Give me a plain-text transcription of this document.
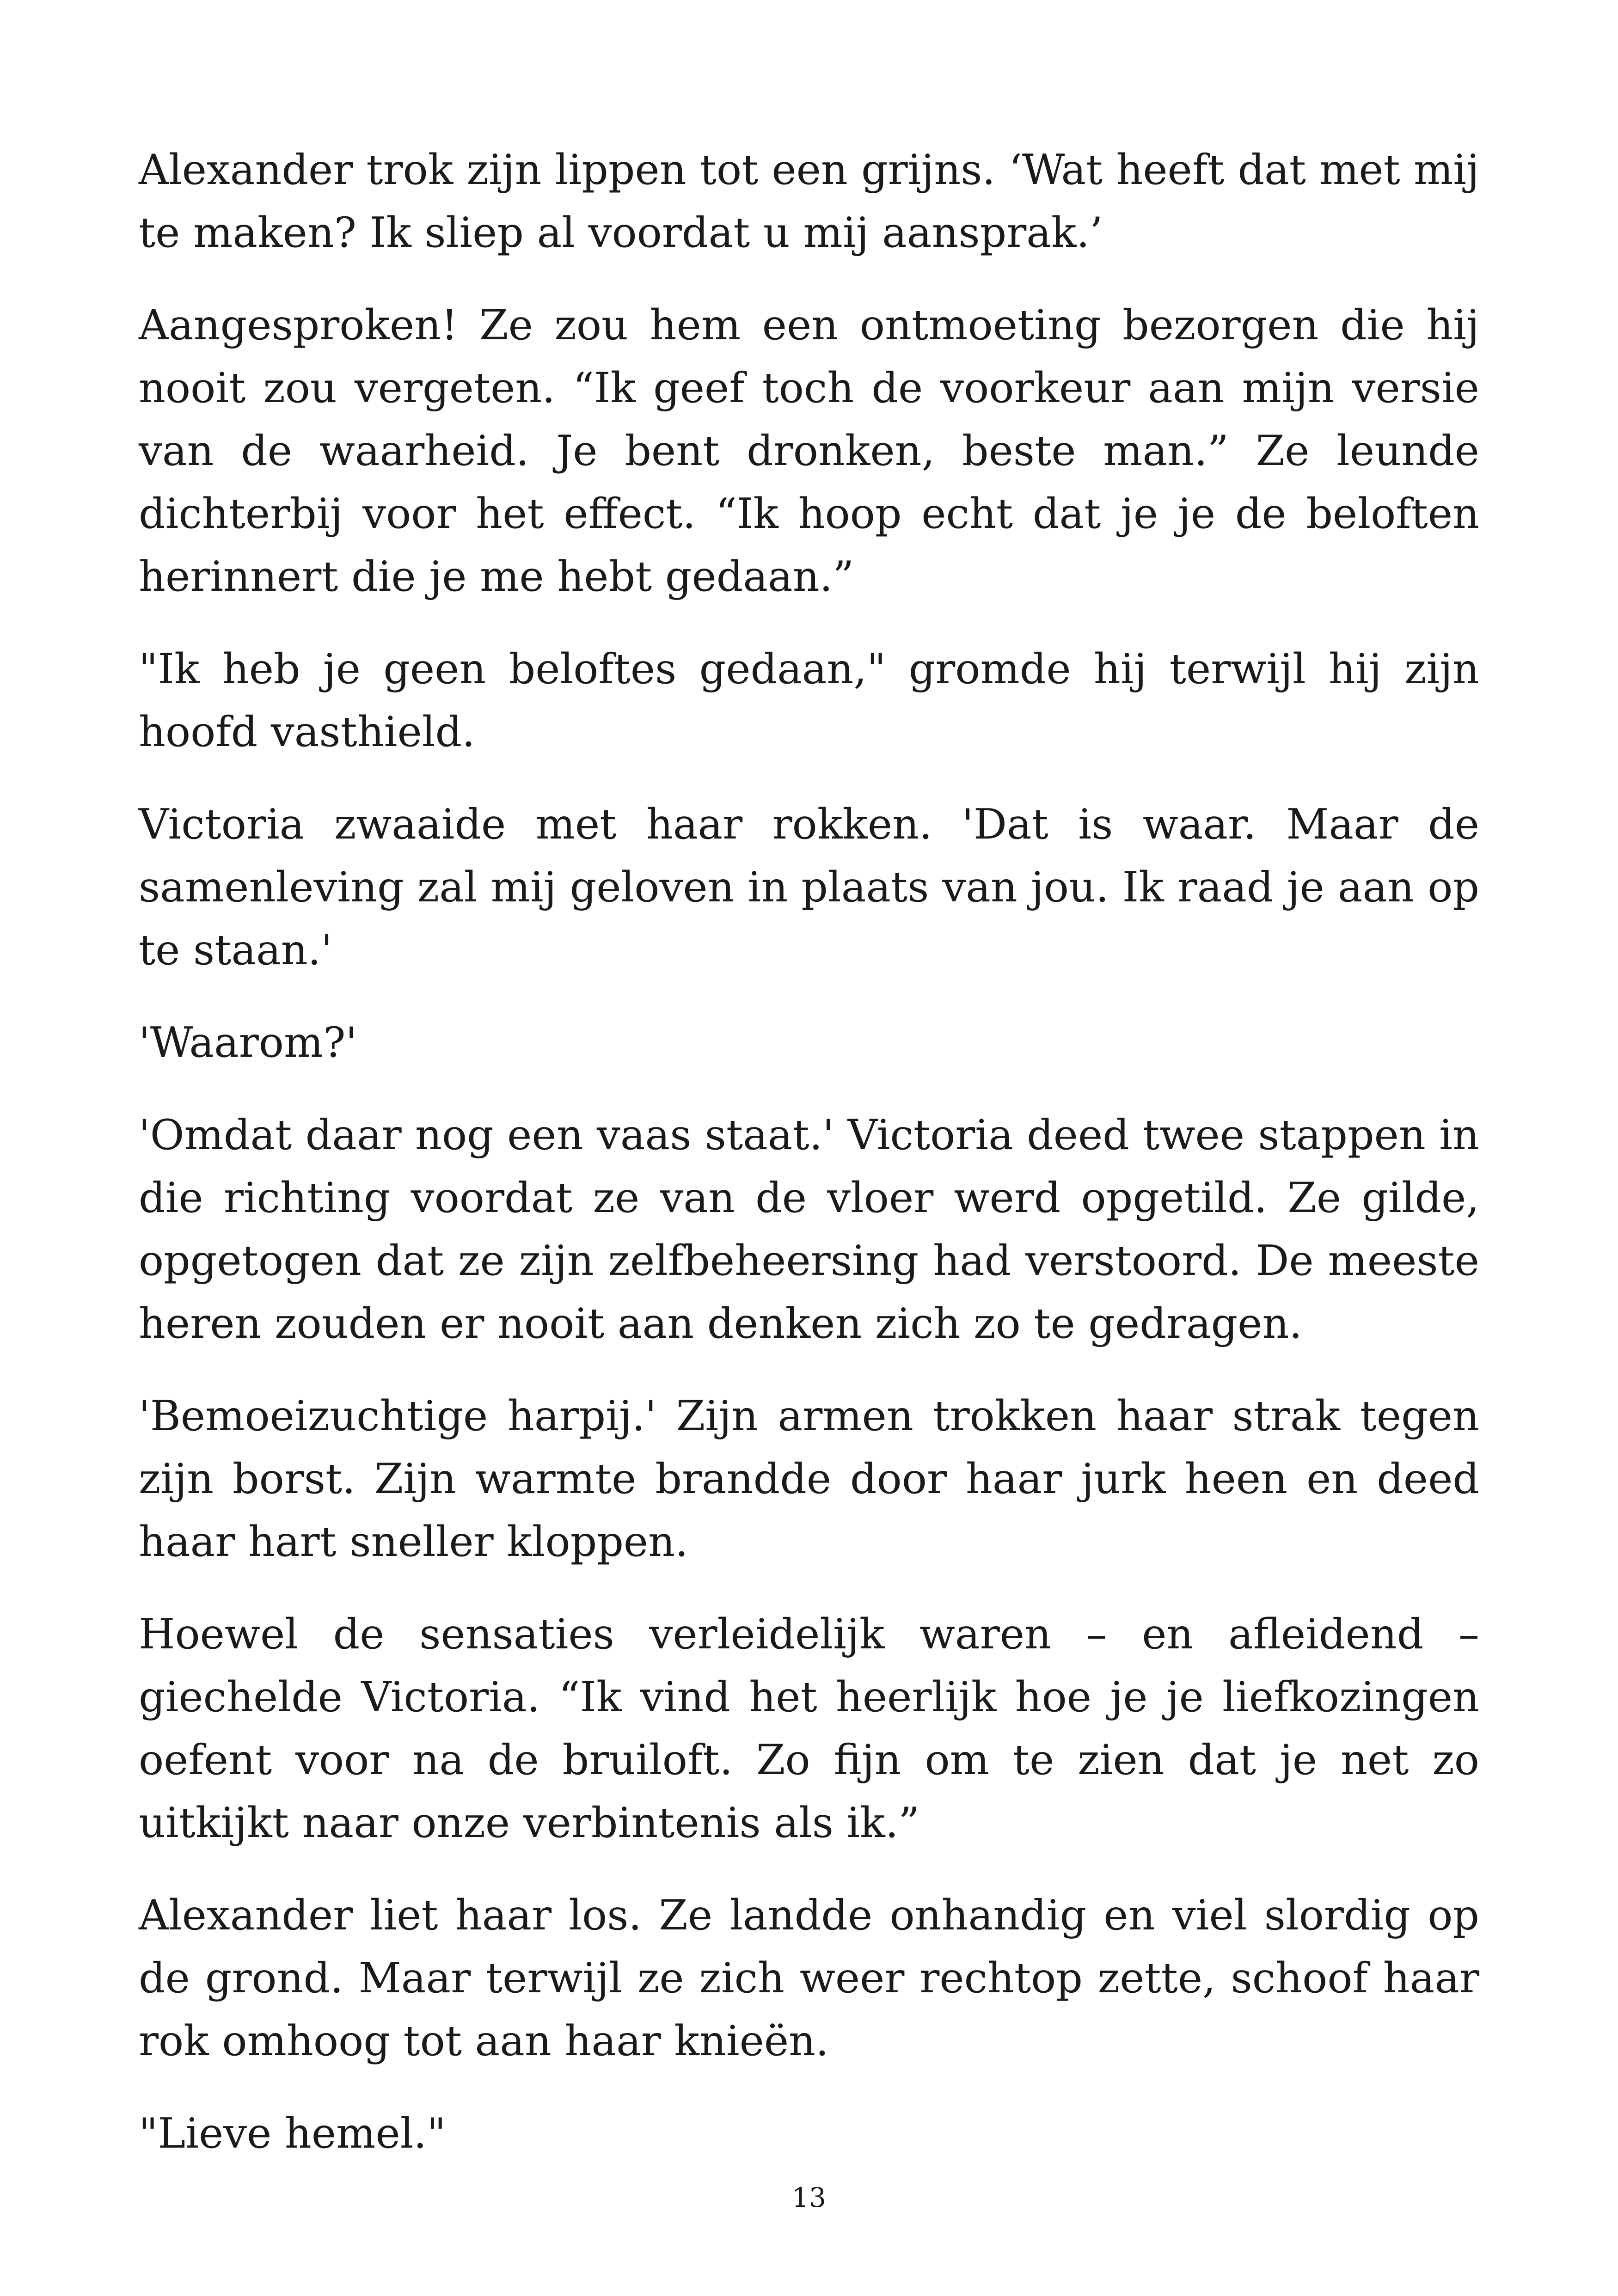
Alexander trok zijn lippen tot een grijns. ‘Wat heeft dat met mij te maken? Ik sliep al voordat u mij aansprak.’

Aangesproken! Ze zou hem een ontmoeting bezorgen die hij nooit zou vergeten. “Ik geef toch de voorkeur aan mijn versie van de waarheid. Je bent dronken, beste man.” Ze leunde dichterbij voor het effect. “Ik hoop echt dat je je de beloften herinnert die je me hebt gedaan.”

"Ik heb je geen beloftes gedaan," gromde hij terwijl hij zijn hoofd vasthield.

Victoria zwaaide met haar rokken. 'Dat is waar. Maar de samenleving zal mij geloven in plaats van jou. Ik raad je aan op te staan.'

'Waarom?'

'Omdat daar nog een vaas staat.' Victoria deed twee stappen in die richting voordat ze van de vloer werd opgetild. Ze gilde, opgetogen dat ze zijn zelfbeheersing had verstoord. De meeste heren zouden er nooit aan denken zich zo te gedragen.

'Bemoeizuchtige harpij.' Zijn armen trokken haar strak tegen zijn borst. Zijn warmte brandde door haar jurk heen en deed haar hart sneller kloppen.

Hoewel de sensaties verleidelijk waren – en afleidend – giechelde Victoria. “Ik vind het heerlijk hoe je je liefkozingen oefent voor na de bruiloft. Zo fijn om te zien dat je net zo uitkijkt naar onze verbintenis als ik.”

Alexander liet haar los. Ze landde onhandig en viel slordig op de grond. Maar terwijl ze zich weer rechtop zette, schoof haar rok omhoog tot aan haar knieën.

"Lieve hemel."

13
